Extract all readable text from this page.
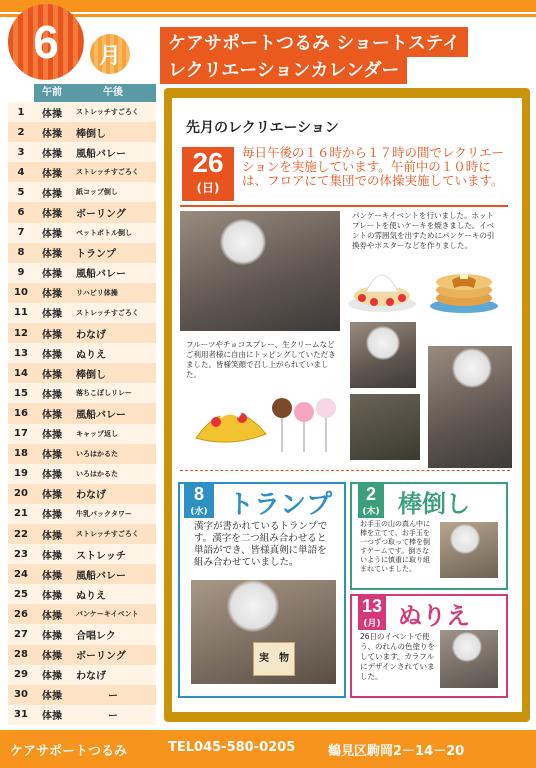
6 月	ケアサポートつるみ ショートステイ
レクリエーションカレンダー
午前	午後
1	体操	ストレッチすごろく
2	体操	棒倒し
3	体操	風船バレー
4	体操	ストレッチすごろく
5	体操	紙コップ倒し
6	体操	ボーリング
7	体操	ペットボトル倒し
8	体操	トランプ
9	体操	風船バレー
10	体操	リハビリ体操
11	体操	ストレッチすごろく
12	体操	わなげ
13	体操	ぬりえ
14	体操	棒倒し
15	体操	落ちこぼしリレー
16	体操	風船バレー
17	体操	キャップ返し
18	体操	いろはかるた
19	体操	いろはかるた
20	体操	わなげ
21	体操	牛乳パックタワー
22	体操	ストレッチすごろく
23	体操	ストレッチ
24	体操	風船バレー
25	体操	ぬりえ
26	体操	パンケーキイベント
27	体操	合唱レク
28	体操	ボーリング
29	体操	わなげ
30	体操	ー
31	体操	ー
先月のレクリエーション
26
(日)
毎日午後の１６時から１７時の間でレクリエーションを実施しています。午前中の１０時には、フロアにて集団での体操実施しています。
パンケーキイベントを行いました。ホットプレートを使いケーキを焼きました。イベントの雰囲気を出すためにパンケーキの引換券やポスターなどを作りました。
フルーツやチョコスプレー、生クリームなどご利用者様に自由にトッピングしていただきました。皆様笑顔で召し上がられていました。
8
(水) トランプ
漢字が書かれているトランプです。漢字を二つ組み合わせると単語ができ、皆様真剣に単語を組み合わせていました。
実　物
2
(木) 棒倒し
お手玉の山の真ん中に棒を立てて、お手玉を一つずつ取って棒を倒すゲームです。倒さないように慎重に取り組まれていました。
13
(月) ぬりえ
26日のイベントで使う、のれんの色塗りをしています。カラフルにデザインされていました。
ケアサポートつるみ	TEL045-580-0205	鶴見区駒岡2－14－20
